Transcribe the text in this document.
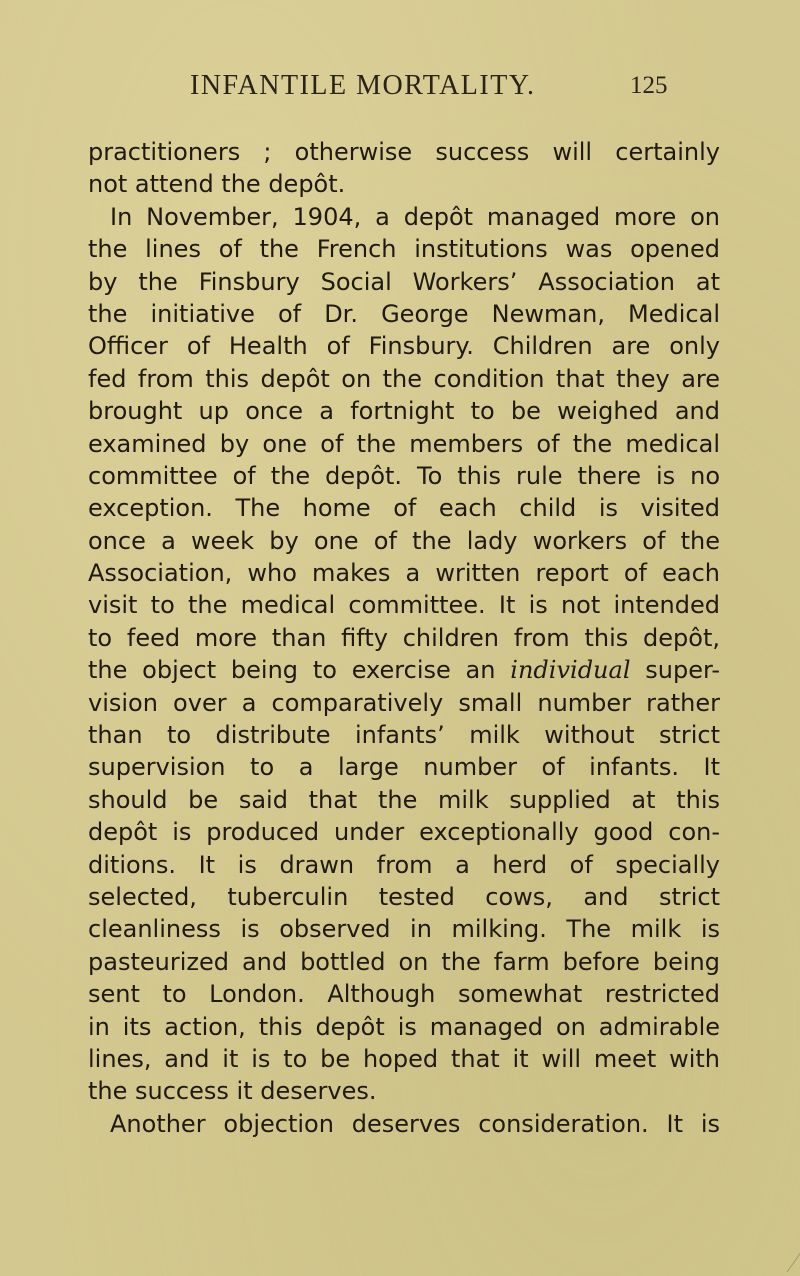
INFANTILE MORTALITY.	125
practitioners ; otherwise success will certainly
not attend the depôt.
In November, 1904, a depôt managed more on
the lines of the French institutions was opened
by the Finsbury Social Workers’ Association at
the initiative of Dr. George Newman, Medical
Officer of Health of Finsbury. Children are only
fed from this depôt on the condition that they are
brought up once a fortnight to be weighed and
examined by one of the members of the medical
committee of the depôt. To this rule there is no
exception. The home of each child is visited
once a week by one of the lady workers of the
Association, who makes a written report of each
visit to the medical committee. It is not intended
to feed more than fifty children from this depôt,
the object being to exercise an individual super-
vision over a comparatively small number rather
than to distribute infants’ milk without strict
supervision to a large number of infants. It
should be said that the milk supplied at this
depôt is produced under exceptionally good con-
ditions. It is drawn from a herd of specially
selected, tuberculin tested cows, and strict
cleanliness is observed in milking. The milk is
pasteurized and bottled on the farm before being
sent to London. Although somewhat restricted
in its action, this depôt is managed on admirable
lines, and it is to be hoped that it will meet with
the success it deserves.
Another objection deserves consideration. It is
